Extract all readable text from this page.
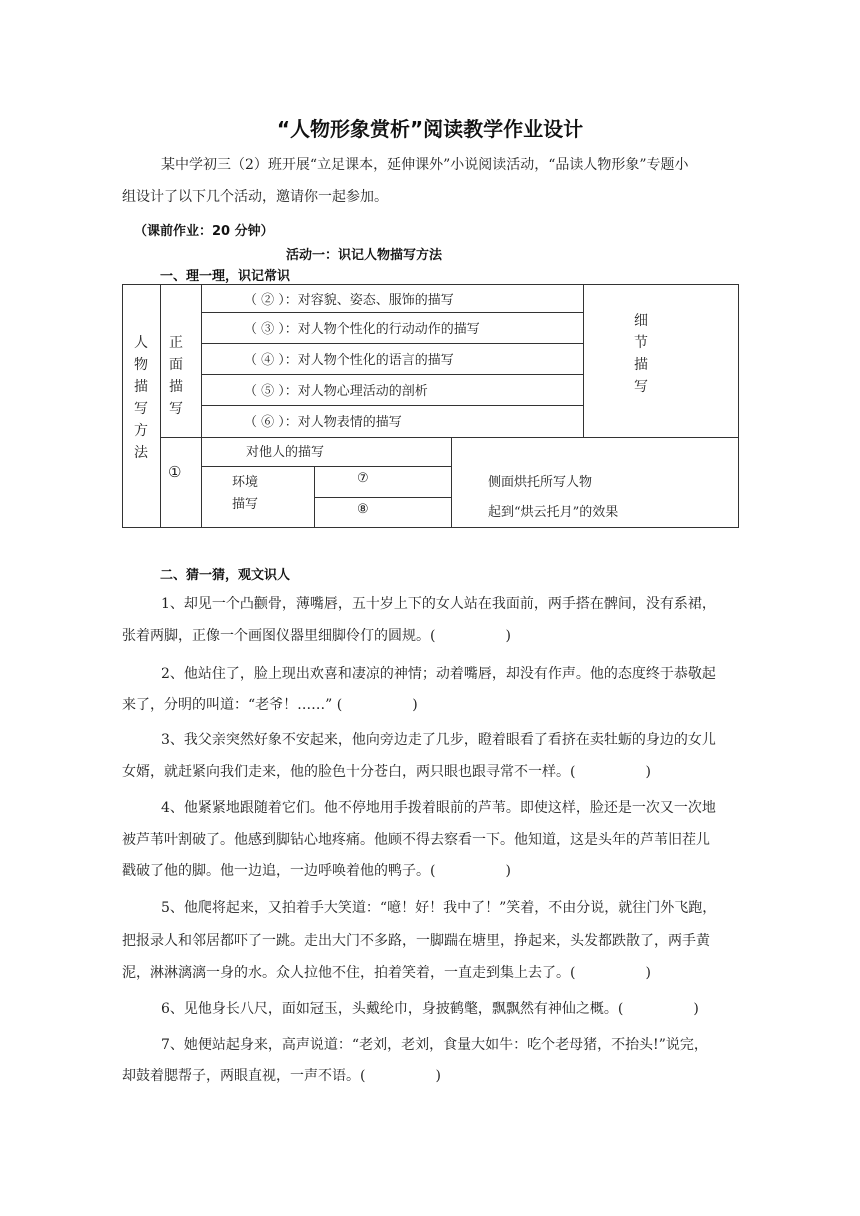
“人物形象赏析”阅读教学作业设计
某中学初三（2）班开展“立足课本，延伸课外”小说阅读活动，“品读人物形象”专题小
组设计了以下几个活动，邀请你一起参加。
（课前作业：20 分钟）
活动一：识记人物描写方法
一、理一理，识记常识
人
物
描
写
方
法
正
面
描
写
（ ② ）：对容貌、姿态、服饰的描写
（ ③ ）：对人物个性化的行动动作的描写
（ ④ ）：对人物个性化的语言的描写
（ ⑤ ）：对人物心理活动的剖析
（ ⑥ ）：对人物表情的描写
细
节
描
写
①
对他人的描写
环境
描写
⑦
⑧
侧面烘托所写人物
起到“烘云托月”的效果
二、猜一猜，观文识人
1、却见一个凸颧骨，薄嘴唇，五十岁上下的女人站在我面前，两手搭在髀间，没有系裙，
张着两脚，正像一个画图仪器里细脚伶仃的圆规。(　　　　　)
2、他站住了，脸上现出欢喜和凄凉的神情；动着嘴唇，却没有作声。他的态度终于恭敬起
来了，分明的叫道：“老爷！……” (　　　　　)
3、我父亲突然好象不安起来，他向旁边走了几步，瞪着眼看了看挤在卖牡蛎的身边的女儿
女婿，就赶紧向我们走来，他的脸色十分苍白，两只眼也跟寻常不一样。(　　　　　)
4、他紧紧地跟随着它们。他不停地用手拨着眼前的芦苇。即使这样，脸还是一次又一次地
被芦苇叶割破了。他感到脚钻心地疼痛。他顾不得去察看一下。他知道，这是头年的芦苇旧茬儿
戳破了他的脚。他一边追，一边呼唤着他的鸭子。(　　　　　)
5、他爬将起来，又拍着手大笑道：“噫！好！我中了！”笑着，不由分说，就往门外飞跑，
把报录人和邻居都吓了一跳。走出大门不多路，一脚踹在塘里，挣起来，头发都跌散了，两手黄
泥，淋淋漓漓一身的水。众人拉他不住，拍着笑着，一直走到集上去了。(　　　　　)
6、见他身长八尺，面如冠玉，头戴纶巾，身披鹤氅，飘飘然有神仙之概。(　　　　　)
7、她便站起身来，高声说道：“老刘，老刘，食量大如牛：吃个老母猪，不抬头!”说完，
却鼓着腮帮子，两眼直视，一声不语。(　　　　　)
